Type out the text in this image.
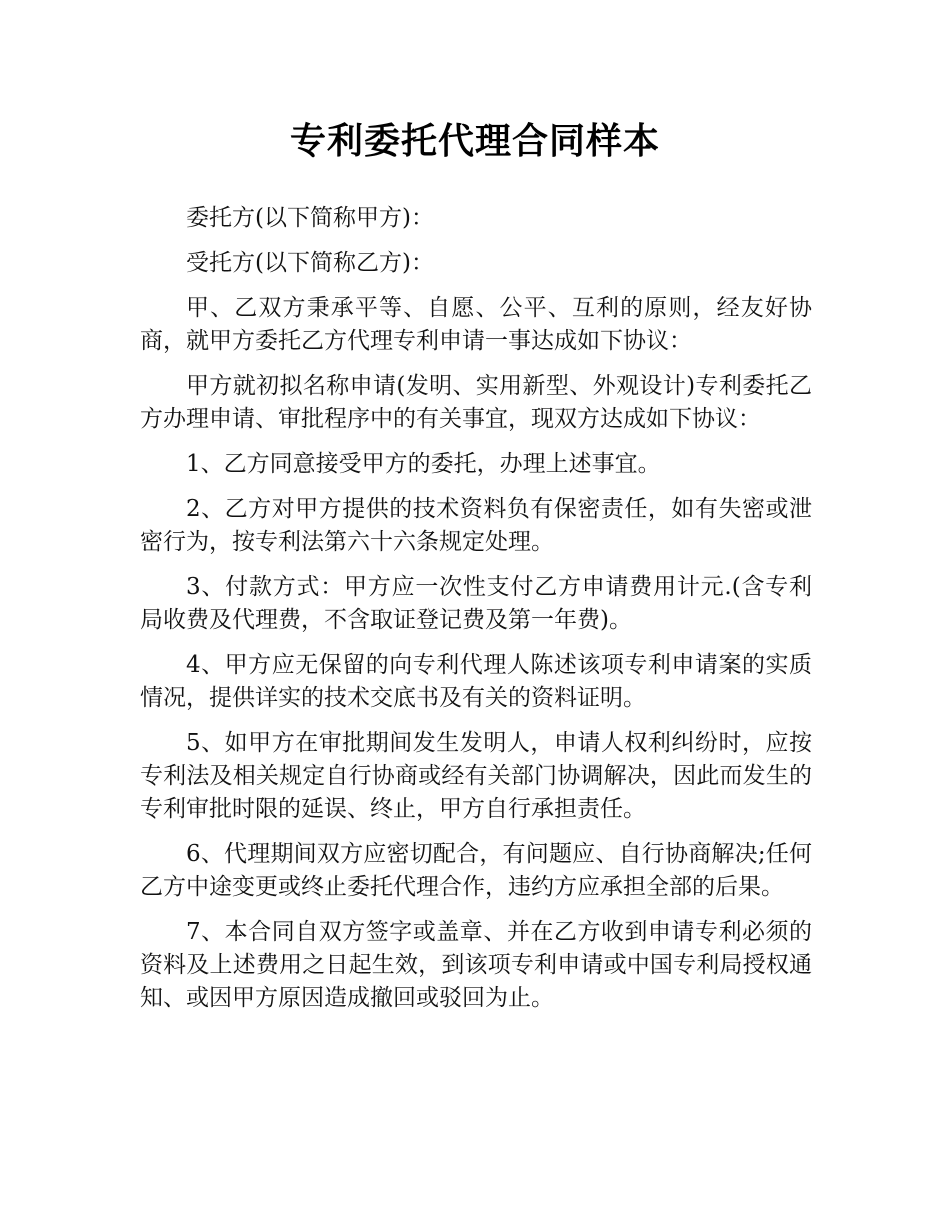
专利委托代理合同样本

委托方(以下简称甲方)：

受托方(以下简称乙方)：

甲、乙双方秉承平等、自愿、公平、互利的原则，经友好协商，就甲方委托乙方代理专利申请一事达成如下协议：

甲方就初拟名称申请(发明、实用新型、外观设计)专利委托乙方办理申请、审批程序中的有关事宜，现双方达成如下协议：

1、乙方同意接受甲方的委托，办理上述事宜。

2、乙方对甲方提供的技术资料负有保密责任，如有失密或泄密行为，按专利法第六十六条规定处理。

3、付款方式：甲方应一次性支付乙方申请费用计元.(含专利局收费及代理费，不含取证登记费及第一年费)。

4、甲方应无保留的向专利代理人陈述该项专利申请案的实质情况，提供详实的技术交底书及有关的资料证明。

5、如甲方在审批期间发生发明人，申请人权利纠纷时，应按专利法及相关规定自行协商或经有关部门协调解决，因此而发生的专利审批时限的延误、终止，甲方自行承担责任。

6、代理期间双方应密切配合，有问题应、自行协商解决;任何乙方中途变更或终止委托代理合作，违约方应承担全部的后果。

7、本合同自双方签字或盖章、并在乙方收到申请专利必须的资料及上述费用之日起生效，到该项专利申请或中国专利局授权通知、或因甲方原因造成撤回或驳回为止。
